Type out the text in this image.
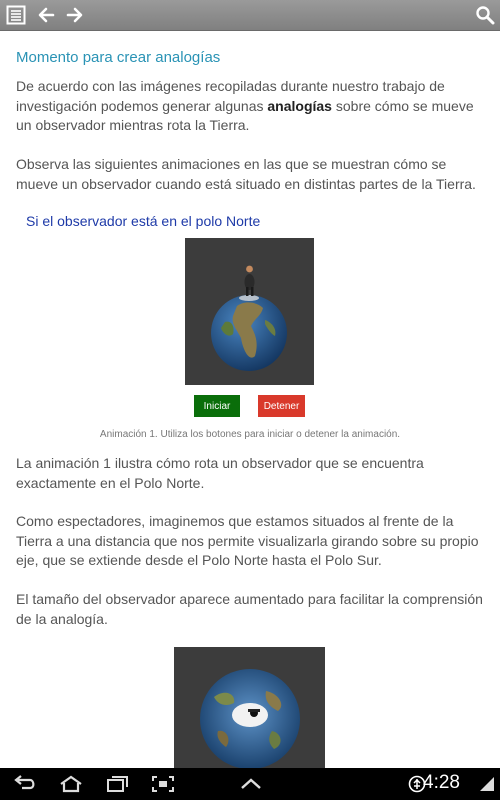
Momento para crear analogías

De acuerdo con las imágenes recopiladas durante nuestro trabajo de investigación podemos generar algunas analogías sobre cómo se mueve un observador mientras rota la Tierra.

Observa las siguientes animaciones en las que se muestran cómo se mueve un observador cuando está situado en distintas partes de la Tierra.

Si el observador está en el polo Norte

Iniciar	Detener

Animación 1. Utiliza los botones para iniciar o detener la animación.

La animación 1 ilustra cómo rota un observador que se encuentra exactamente en el Polo Norte.

Como espectadores, imaginemos que estamos situados al frente de la Tierra a una distancia que nos permite visualizarla girando sobre su propio eje, que se extiende desde el Polo Norte hasta el Polo Sur.

El tamaño del observador aparece aumentado para facilitar la comprensión de la analogía.

4:28
